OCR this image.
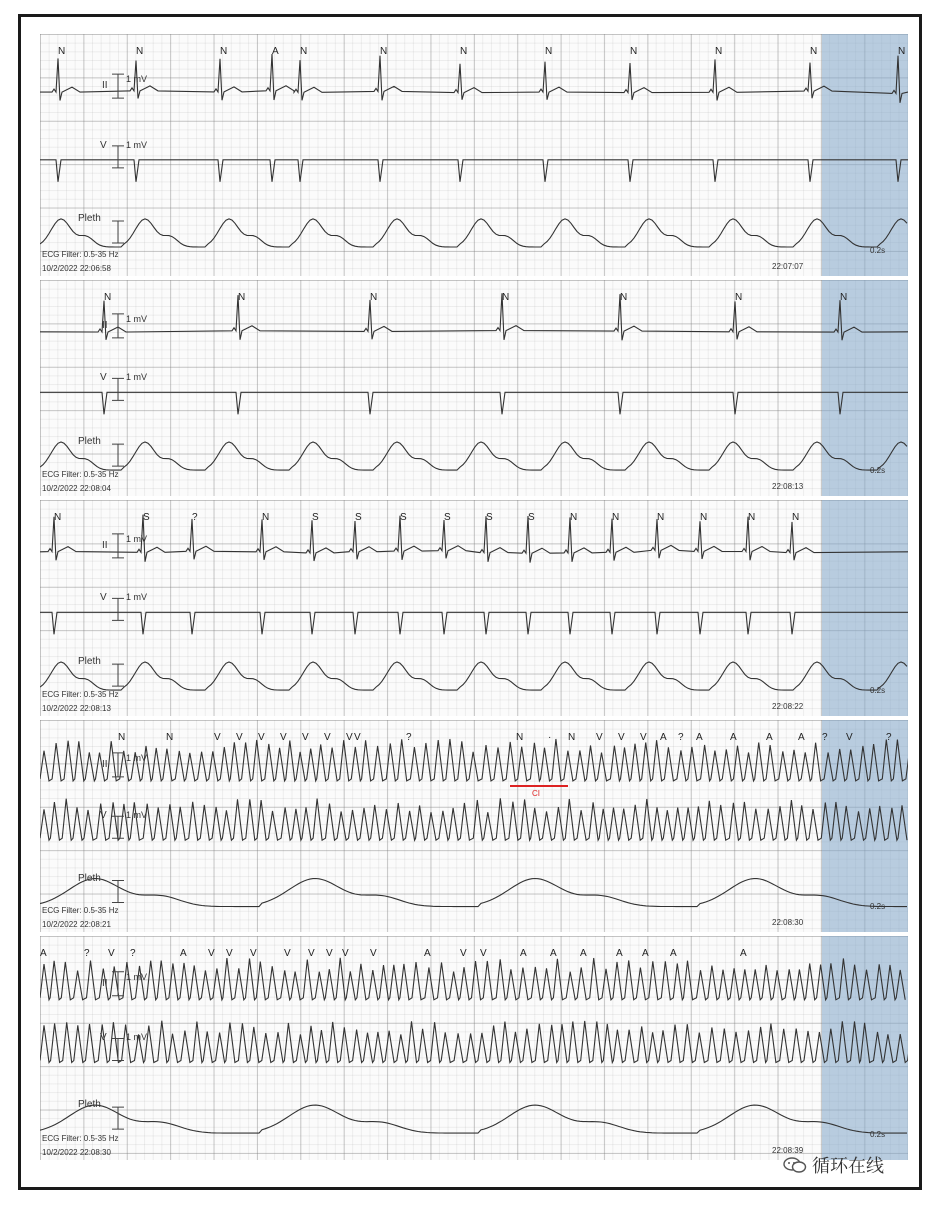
II
1 mV
V 1 mV
Pleth
ECG Filter: 0.5-35 Hz
10/2/2022 22:06:58	22:07:07
0.2s
N	N	N	A N	N	N	N	N	N	N	N
II
1 mV
V 1 mV
Pleth
ECG Filter: 0.5-35 Hz
10/2/2022 22:08:04	22:08:13
0.2s
N	N	N	N	N	N	N
II
1 mV
V 1 mV
Pleth
ECG Filter: 0.5-35 Hz
10/2/2022 22:08:13	22:08:22
0.2s
N	S	?	N	S	S	S	S	S	S	N	N	N	N	N	N
II
1 mV
V 1 mV
Pleth
ECG Filter: 0.5-35 Hz
10/2/2022 22:08:21	22:08:30
0.2s
N	N	V V V V V V V V	?	N · N V V V A ? A	A	A	A ? V	?
CI
II
1 mV
V 1 mV
Pleth
ECG Filter: 0.5-35 Hz
10/2/2022 22:08:30	22:08:39
0.2s
A	? V ?	A V V V	V V V V V	A	V V	A A A	A A A	A
循环在线
